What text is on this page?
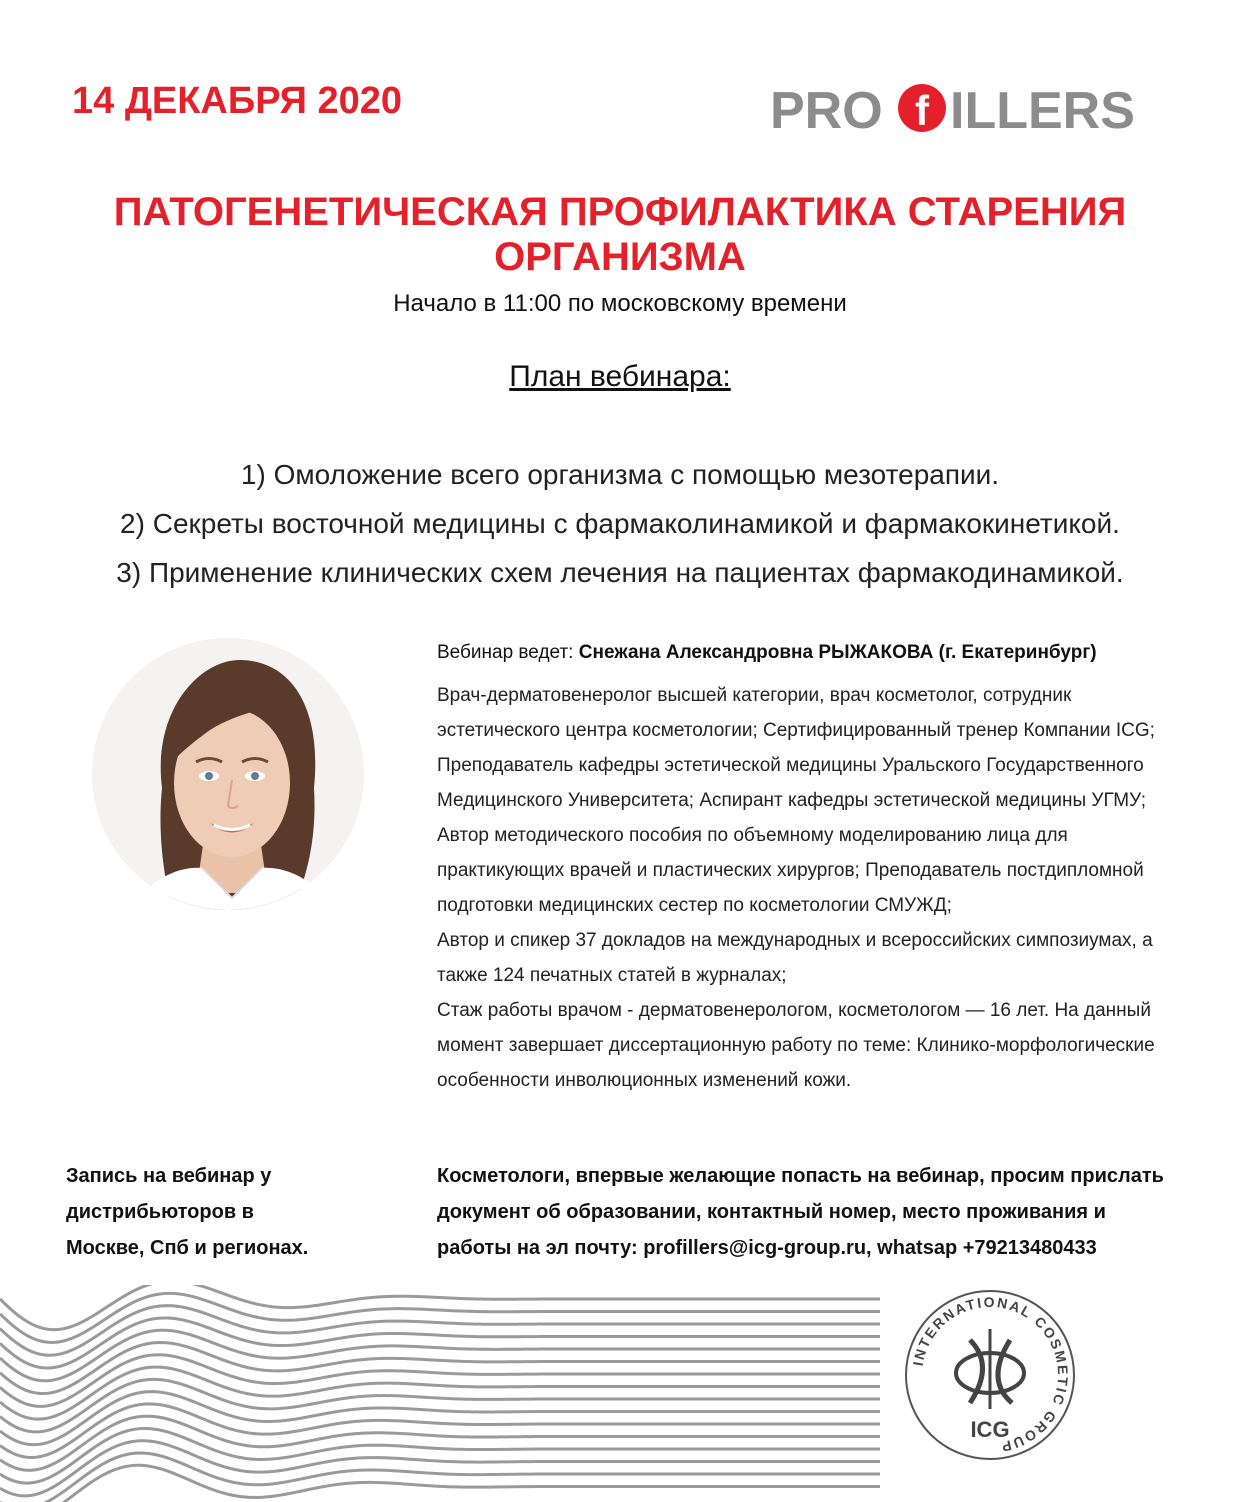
14 ДЕКАБРЯ 2020	PRO f ILLERS
ПАТОГЕНЕТИЧЕСКАЯ ПРОФИЛАКТИКА СТАРЕНИЯ ОРГАНИЗМА
Начало в 11:00 по московскому времени
План вебинара:
1) Омоложение всего организма с помощью мезотерапии.
2) Секреты восточной медицины с фармаколинамикой и фармакокинетикой.
3) Применение клинических схем лечения на пациентах фармакодинамикой.
Вебинар ведет: Снежана Александровна РЫЖАКОВА (г. Екатеринбург)

Врач-дерматовенеролог высшей категории, врач косметолог, сотрудник

эстетического центра косметологии; Сертифицированный тренер Компании ICG;

Преподаватель кафедры эстетической медицины Уральского Государственного

Медицинского Университета; Аспирант кафедры эстетической медицины УГМУ;

Автор методического пособия по объемному моделированию лица для

практикующих врачей и пластических хирургов; Преподаватель постдипломной

подготовки медицинских сестер по косметологии СМУЖД;

Автор и спикер 37 докладов на международных и всероссийских симпозиумах, а

также 124 печатных статей в журналах;

Стаж работы врачом - дерматовенерологом, косметологом — 16 лет. На данный

момент завершает диссертационную работу по теме: Клинико-морфологические

особенности инволюционных изменений кожи.

Запись на вебинар у

дистрибьюторов в

Москве, Спб и регионах.

Косметологи, впервые желающие попасть на вебинар, просим прислать

документ об образовании, контактный номер, место проживания и

работы на эл почту: profillers@icg-group.ru, whatsap +79213480433

INTERNATIONAL COSMETIC GROUP
ICG
